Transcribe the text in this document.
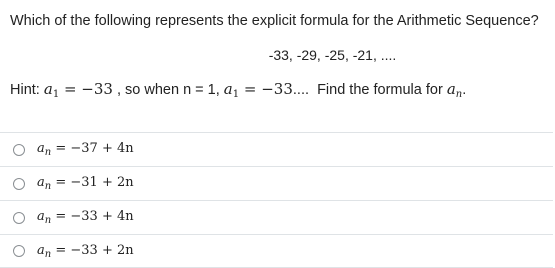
Which of the following represents the explicit formula for the Arithmetic Sequence?
-33, -29, -25, -21, ....
Hint: $a_1 = -33$ , so when n = 1, $a_1 = -33$....  Find the formula for $a_n$.
$a_n = -37 + 4n$
$a_n = -31 + 2n$
$a_n = -33 + 4n$
$a_n = -33 + 2n$
